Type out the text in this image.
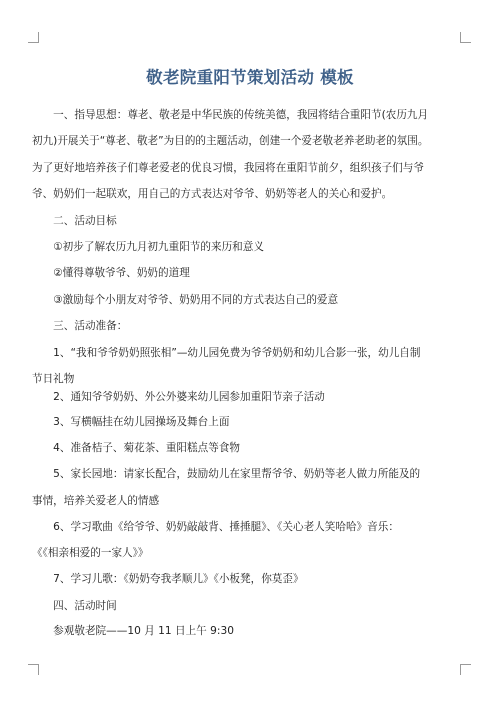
敬老院重阳节策划活动 模板
　　一、指导思想：尊老、敬老是中华民族的传统美德，我园将结合重阳节(农历九月
初九)开展关于“尊老、敬老”为目的的主题活动，创建一个爱老敬老养老助老的氛围。
为了更好地培养孩子们尊老爱老的优良习惯，我园将在重阳节前夕，组织孩子们与爷
爷、奶奶们一起联欢，用自己的方式表达对爷爷、奶奶等老人的关心和爱护。
　　二、活动目标
　　①初步了解农历九月初九重阳节的来历和意义
　　②懂得尊敬爷爷、奶奶的道理
　　③激励每个小朋友对爷爷、奶奶用不同的方式表达自己的爱意
　　三、活动准备：
　　1、“我和爷爷奶奶照张相”—幼儿园免费为爷爷奶奶和幼儿合影一张，幼儿自制
节日礼物
　　2、通知爷爷奶奶、外公外婆来幼儿园参加重阳节亲子活动
　　3、写横幅挂在幼儿园操场及舞台上面
　　4、准备桔子、菊花茶、重阳糕点等食物
　　5、家长园地：请家长配合，鼓励幼儿在家里帮爷爷、奶奶等老人做力所能及的
事情，培养关爱老人的情感
　　6、学习歌曲《给爷爷、奶奶敲敲背、捶捶腿》、《关心老人笑哈哈》音乐：
《《相亲相爱的一家人》》
　　7、学习儿歌：《奶奶夸我孝顺儿》《小板凳，你莫歪》
　　四、活动时间
　　参观敬老院——10 月 11 日上午 9:30
